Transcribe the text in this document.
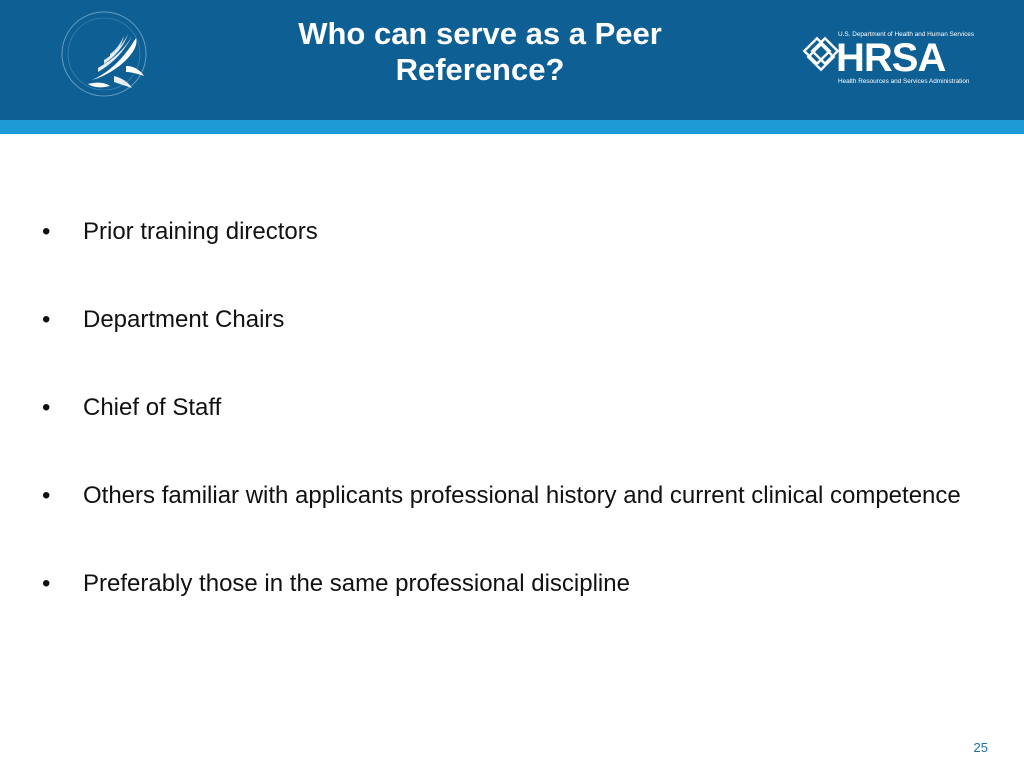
Who can serve as a Peer
Reference?
U.S. Department of Health and Human Services
HRSA
Health Resources and Services Administration
• Prior training directors
• Department Chairs
• Chief of Staff
• Others familiar with applicants professional history and current clinical competence
• Preferably those in the same professional discipline
25
